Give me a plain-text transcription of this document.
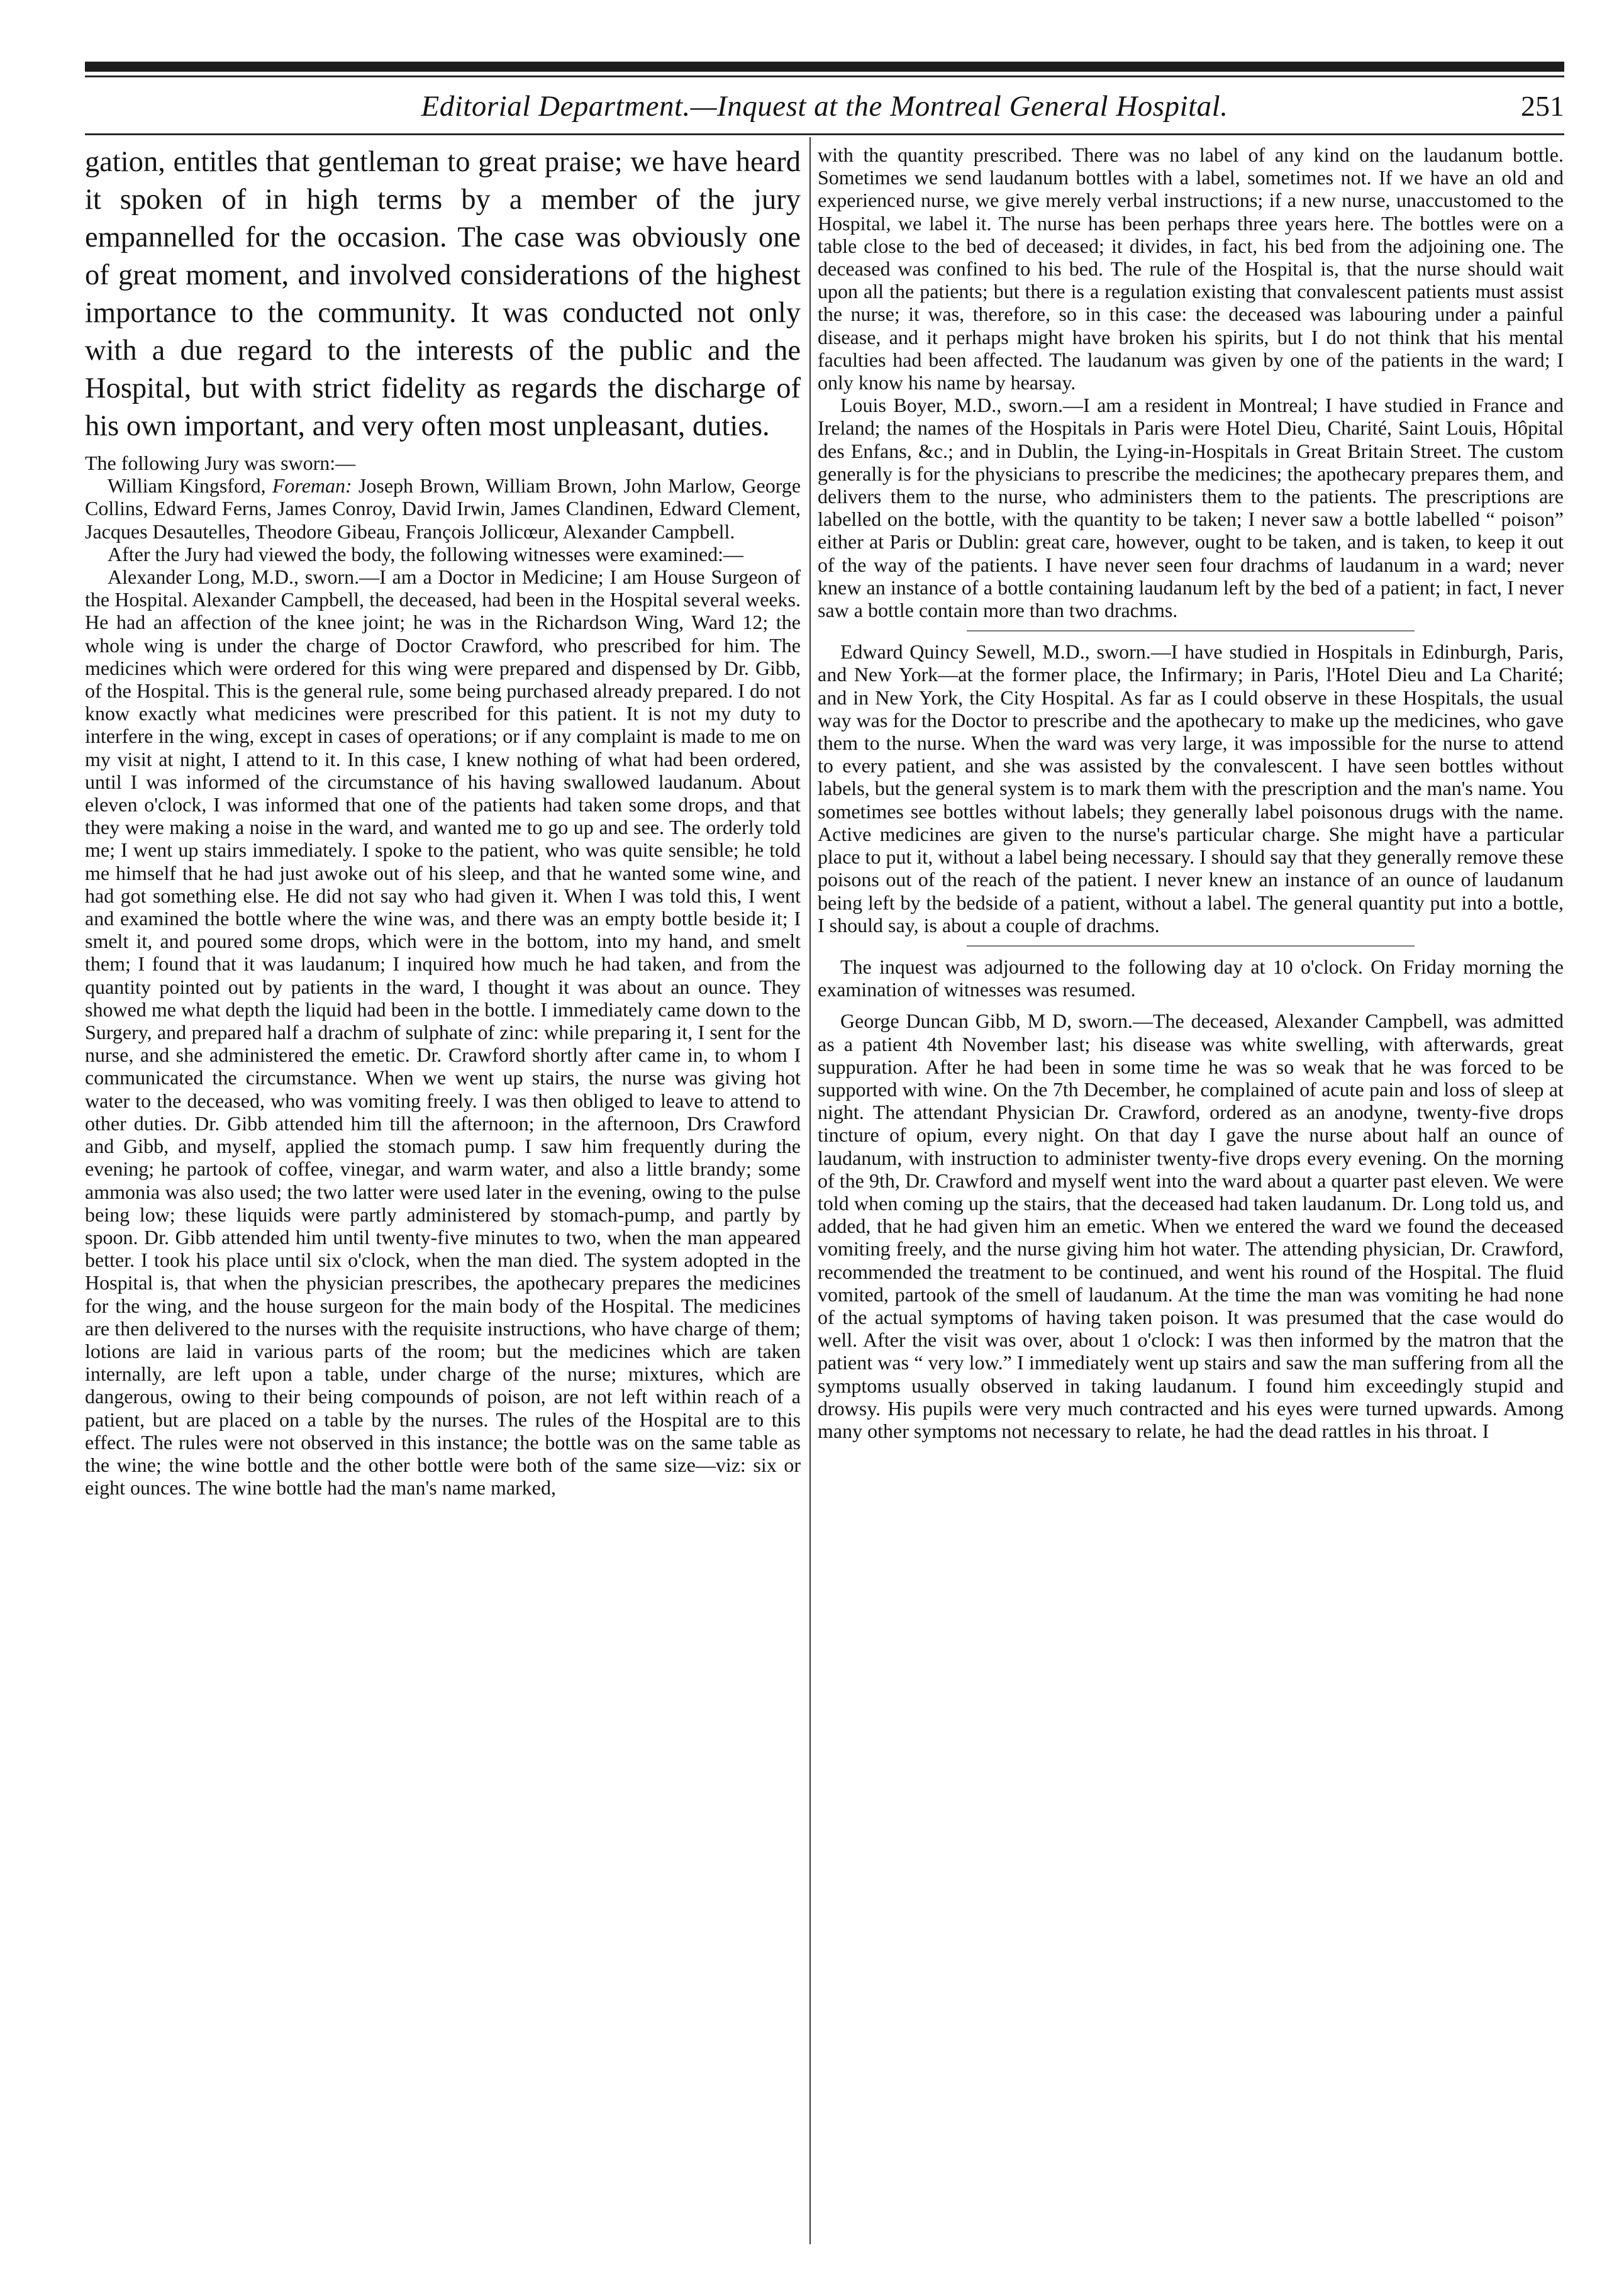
Editorial Department.—Inquest at the Montreal General Hospital.	251

gation, entitles that gentleman to great praise; we have heard it spoken of in high terms by a member of the jury empannelled for the occasion. The case was obviously one of great moment, and involved considerations of the highest importance to the community. It was conducted not only with a due regard to the interests of the public and the Hospital, but with strict fidelity as regards the discharge of his own important, and very often most unpleasant, duties.

The following Jury was sworn:—

William Kingsford, Foreman: Joseph Brown, William Brown, John Marlow, George Collins, Edward Ferns, James Conroy, David Irwin, James Clandinen, Edward Clement, Jacques Desautelles, Theodore Gibeau, François Jollicœur, Alexander Campbell.

After the Jury had viewed the body, the following witnesses were examined:—

Alexander Long, M.D., sworn.—I am a Doctor in Medicine; I am House Surgeon of the Hospital. Alexander Campbell, the deceased, had been in the Hospital several weeks. He had an affection of the knee joint; he was in the Richardson Wing, Ward 12; the whole wing is under the charge of Doctor Crawford, who prescribed for him. The medicines which were ordered for this wing were prepared and dispensed by Dr. Gibb, of the Hospital. This is the general rule, some being purchased already prepared. I do not know exactly what medicines were prescribed for this patient. It is not my duty to interfere in the wing, except in cases of operations; or if any complaint is made to me on my visit at night, I attend to it. In this case, I knew nothing of what had been ordered, until I was informed of the circumstance of his having swallowed laudanum. About eleven o'clock, I was informed that one of the patients had taken some drops, and that they were making a noise in the ward, and wanted me to go up and see. The orderly told me; I went up stairs immediately. I spoke to the patient, who was quite sensible; he told me himself that he had just awoke out of his sleep, and that he wanted some wine, and had got something else. He did not say who had given it. When I was told this, I went and examined the bottle where the wine was, and there was an empty bottle beside it; I smelt it, and poured some drops, which were in the bottom, into my hand, and smelt them; I found that it was laudanum; I inquired how much he had taken, and from the quantity pointed out by patients in the ward, I thought it was about an ounce. They showed me what depth the liquid had been in the bottle. I immediately came down to the Surgery, and prepared half a drachm of sulphate of zinc: while preparing it, I sent for the nurse, and she administered the emetic. Dr. Crawford shortly after came in, to whom I communicated the circumstance. When we went up stairs, the nurse was giving hot water to the deceased, who was vomiting freely. I was then obliged to leave to attend to other duties. Dr. Gibb attended him till the afternoon; in the afternoon, Drs Crawford and Gibb, and myself, applied the stomach pump. I saw him frequently during the evening; he partook of coffee, vinegar, and warm water, and also a little brandy; some ammonia was also used; the two latter were used later in the evening, owing to the pulse being low; these liquids were partly administered by stomach-pump, and partly by spoon. Dr. Gibb attended him until twenty-five minutes to two, when the man appeared better. I took his place until six o'clock, when the man died. The system adopted in the Hospital is, that when the physician prescribes, the apothecary prepares the medicines for the wing, and the house surgeon for the main body of the Hospital. The medicines are then delivered to the nurses with the requisite instructions, who have charge of them; lotions are laid in various parts of the room; but the medicines which are taken internally, are left upon a table, under charge of the nurse; mixtures, which are dangerous, owing to their being compounds of poison, are not left within reach of a patient, but are placed on a table by the nurses. The rules of the Hospital are to this effect. The rules were not observed in this instance; the bottle was on the same table as the wine; the wine bottle and the other bottle were both of the same size—viz: six or eight ounces. The wine bottle had the man's name marked,

with the quantity prescribed. There was no label of any kind on the laudanum bottle. Sometimes we send laudanum bottles with a label, sometimes not. If we have an old and experienced nurse, we give merely verbal instructions; if a new nurse, unaccustomed to the Hospital, we label it. The nurse has been perhaps three years here. The bottles were on a table close to the bed of deceased; it divides, in fact, his bed from the adjoining one. The deceased was confined to his bed. The rule of the Hospital is, that the nurse should wait upon all the patients; but there is a regulation existing that convalescent patients must assist the nurse; it was, therefore, so in this case: the deceased was labouring under a painful disease, and it perhaps might have broken his spirits, but I do not think that his mental faculties had been affected. The laudanum was given by one of the patients in the ward; I only know his name by hearsay.

Louis Boyer, M.D., sworn.—I am a resident in Montreal; I have studied in France and Ireland; the names of the Hospitals in Paris were Hotel Dieu, Charité, Saint Louis, Hôpital des Enfans, &c.; and in Dublin, the Lying-in-Hospitals in Great Britain Street. The custom generally is for the physicians to prescribe the medicines; the apothecary prepares them, and delivers them to the nurse, who administers them to the patients. The prescriptions are labelled on the bottle, with the quantity to be taken; I never saw a bottle labelled “ poison” either at Paris or Dublin: great care, however, ought to be taken, and is taken, to keep it out of the way of the patients. I have never seen four drachms of laudanum in a ward; never knew an instance of a bottle containing laudanum left by the bed of a patient; in fact, I never saw a bottle contain more than two drachms.

Edward Quincy Sewell, M.D., sworn.—I have studied in Hospitals in Edinburgh, Paris, and New York—at the former place, the Infirmary; in Paris, l'Hotel Dieu and La Charité; and in New York, the City Hospital. As far as I could observe in these Hospitals, the usual way was for the Doctor to prescribe and the apothecary to make up the medicines, who gave them to the nurse. When the ward was very large, it was impossible for the nurse to attend to every patient, and she was assisted by the convalescent. I have seen bottles without labels, but the general system is to mark them with the prescription and the man's name. You sometimes see bottles without labels; they generally label poisonous drugs with the name. Active medicines are given to the nurse's particular charge. She might have a particular place to put it, without a label being necessary. I should say that they generally remove these poisons out of the reach of the patient. I never knew an instance of an ounce of laudanum being left by the bedside of a patient, without a label. The general quantity put into a bottle, I should say, is about a couple of drachms.

The inquest was adjourned to the following day at 10 o'clock. On Friday morning the examination of witnesses was resumed.

George Duncan Gibb, M D, sworn.—The deceased, Alexander Campbell, was admitted as a patient 4th November last; his disease was white swelling, with afterwards, great suppuration. After he had been in some time he was so weak that he was forced to be supported with wine. On the 7th December, he complained of acute pain and loss of sleep at night. The attendant Physician Dr. Crawford, ordered as an anodyne, twenty-five drops tincture of opium, every night. On that day I gave the nurse about half an ounce of laudanum, with instruction to administer twenty-five drops every evening. On the morning of the 9th, Dr. Crawford and myself went into the ward about a quarter past eleven. We were told when coming up the stairs, that the deceased had taken laudanum. Dr. Long told us, and added, that he had given him an emetic. When we entered the ward we found the deceased vomiting freely, and the nurse giving him hot water. The attending physician, Dr. Crawford, recommended the treatment to be continued, and went his round of the Hospital. The fluid vomited, partook of the smell of laudanum. At the time the man was vomiting he had none of the actual symptoms of having taken poison. It was presumed that the case would do well. After the visit was over, about 1 o'clock: I was then informed by the matron that the patient was “ very low.” I immediately went up stairs and saw the man suffering from all the symptoms usually observed in taking laudanum. I found him exceedingly stupid and drowsy. His pupils were very much contracted and his eyes were turned upwards. Among many other symptoms not necessary to relate, he had the dead rattles in his throat. I
